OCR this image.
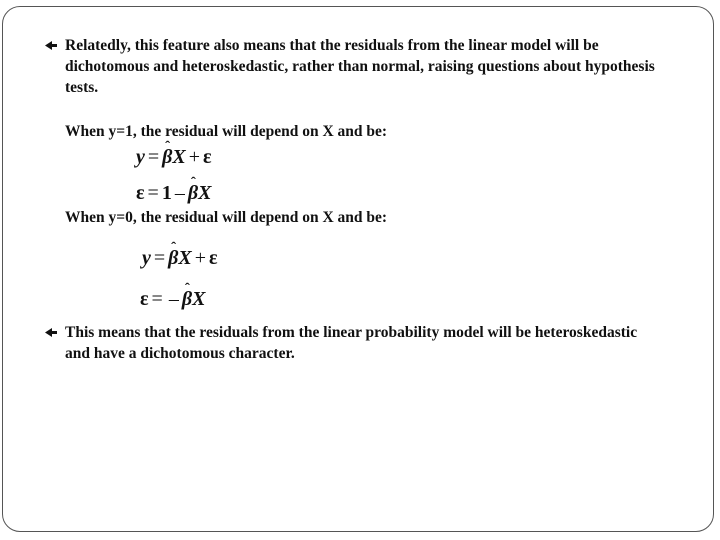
Relatedly, this feature also means that the residuals from the linear model will be dichotomous and heteroskedastic, rather than normal, raising questions about hypothesis tests.
When y=1, the residual will depend on X and be:
y = ˆ βX + ε
ε = 1 – ˆ βX
When y=0, the residual will depend on X and be:
y = ˆ βX + ε
ε = – ˆ βX
This means that the residuals from the linear probability model will be heteroskedastic and have a dichotomous character.
